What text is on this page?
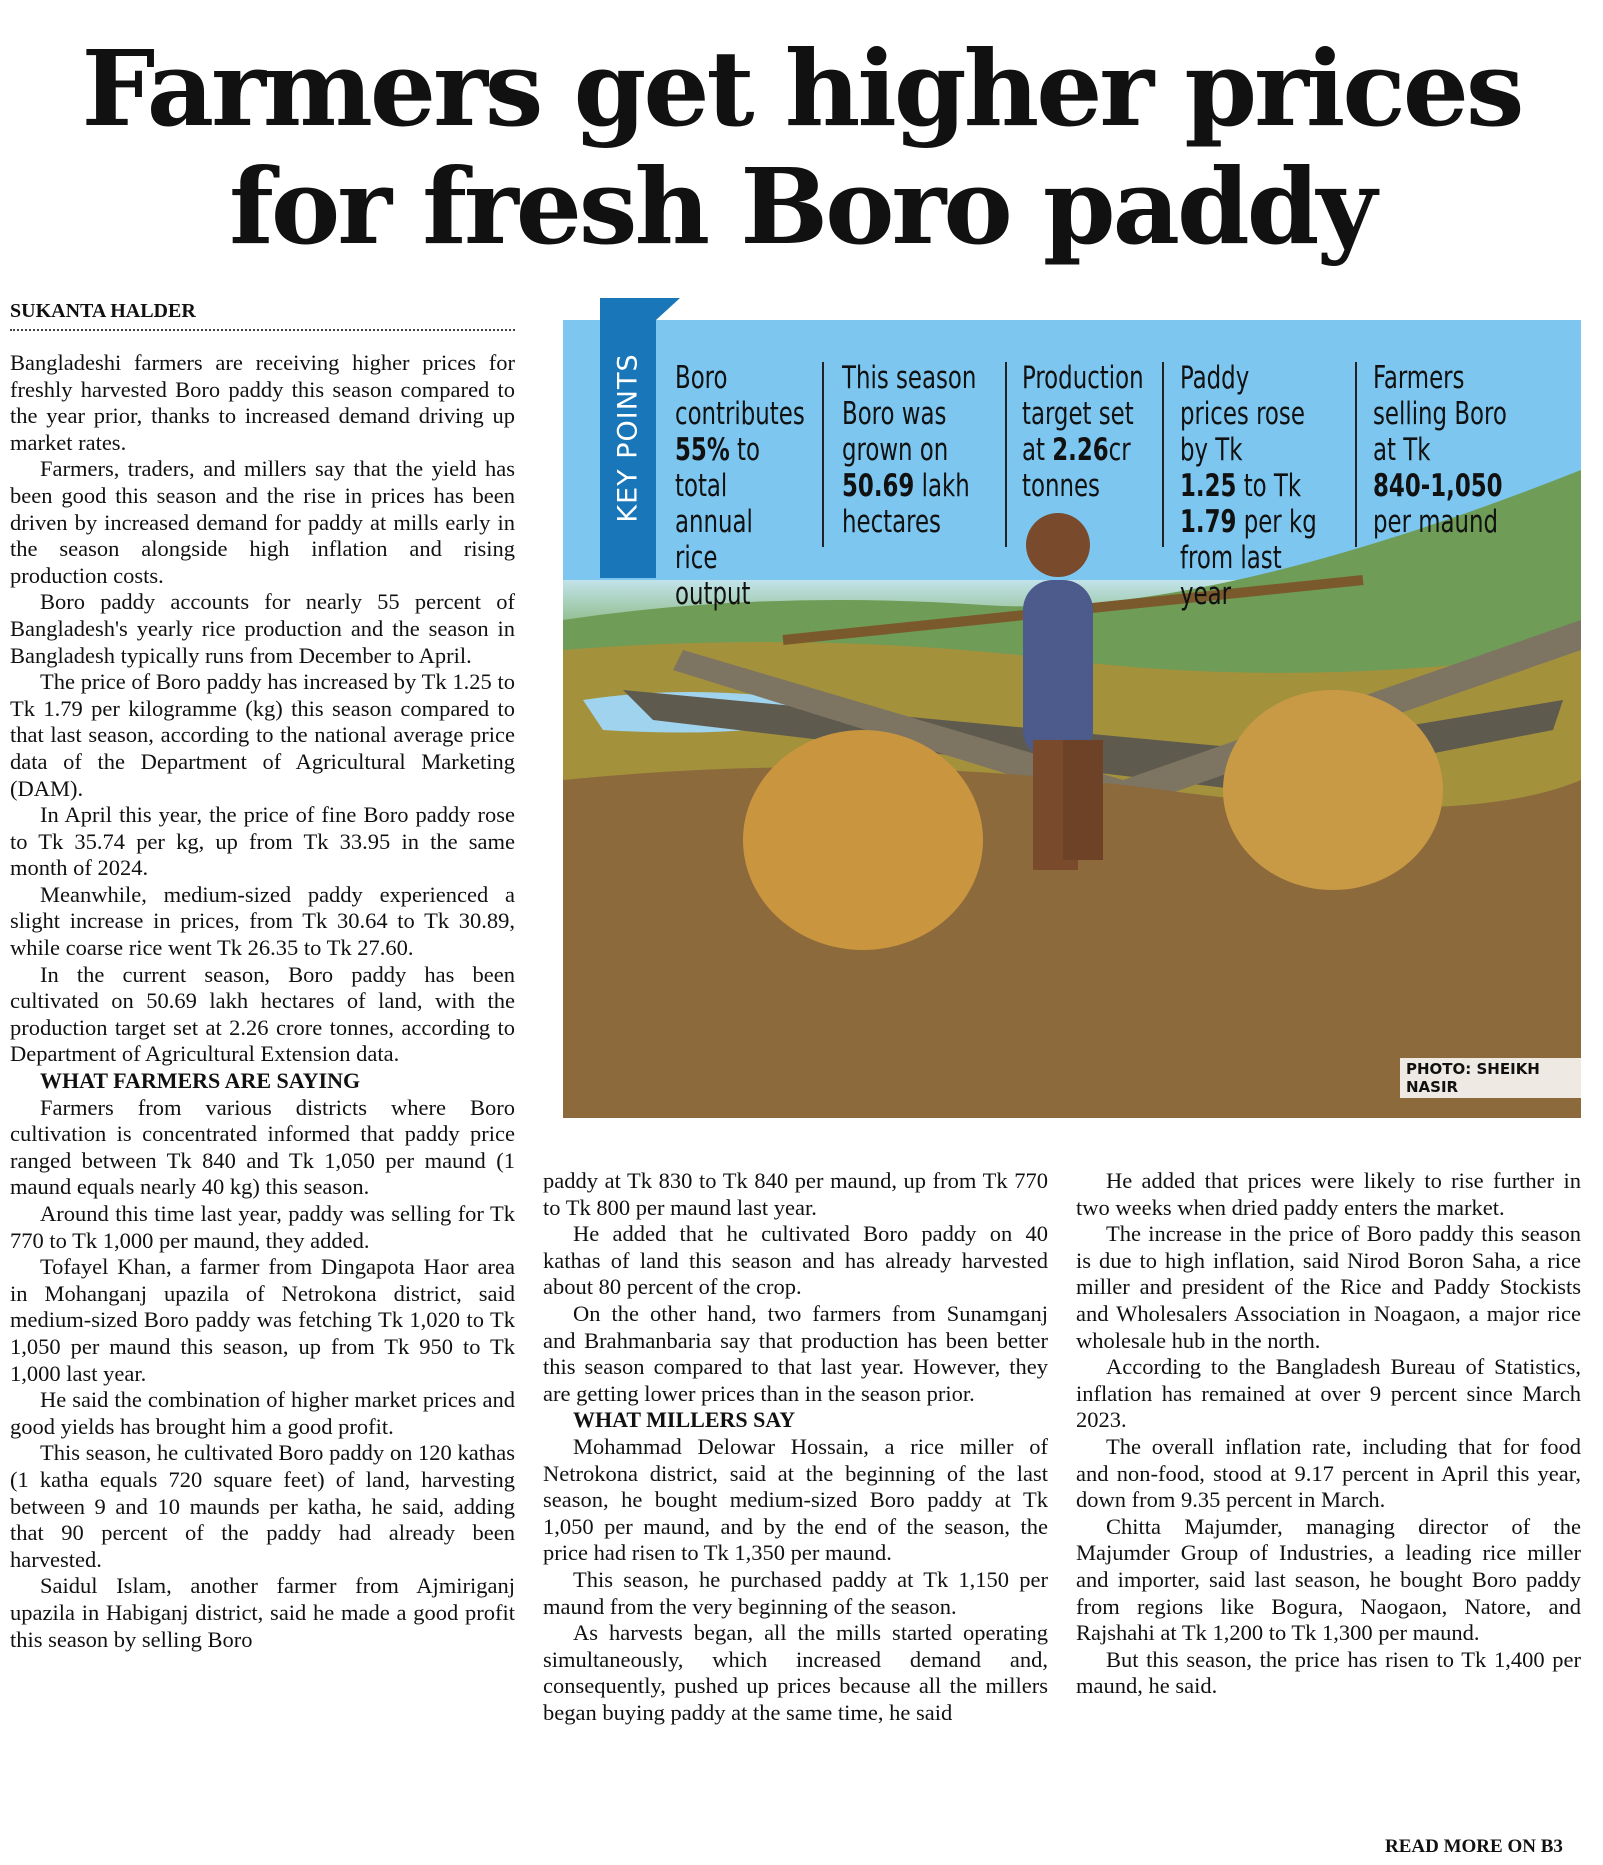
Farmers get higher prices
for fresh Boro paddy
SUKANTA HALDER

Bangladeshi farmers are receiving higher prices for freshly harvested Boro paddy this season compared to the year prior, thanks to increased demand driving up market rates.

Farmers, traders, and millers say that the yield has been good this season and the rise in prices has been driven by increased demand for paddy at mills early in the season alongside high inflation and rising production costs.

Boro paddy accounts for nearly 55 percent of Bangladesh's yearly rice production and the season in Bangladesh typically runs from December to April.

The price of Boro paddy has increased by Tk 1.25 to Tk 1.79 per kilogramme (kg) this season compared to that last season, according to the national average price data of the Department of Agricultural Marketing (DAM).

In April this year, the price of fine Boro paddy rose to Tk 35.74 per kg, up from Tk 33.95 in the same month of 2024.

Meanwhile, medium-sized paddy experienced a slight increase in prices, from Tk 30.64 to Tk 30.89, while coarse rice went Tk 26.35 to Tk 27.60.

In the current season, Boro paddy has been cultivated on 50.69 lakh hectares of land, with the production target set at 2.26 crore tonnes, according to Department of Agricultural Extension data.

WHAT FARMERS ARE SAYING

Farmers from various districts where Boro cultivation is concentrated informed that paddy price ranged between Tk 840 and Tk 1,050 per maund (1 maund equals nearly 40 kg) this season.

Around this time last year, paddy was selling for Tk 770 to Tk 1,000 per maund, they added.

Tofayel Khan, a farmer from Dingapota Haor area in Mohanganj upazila of Netrokona district, said medium-sized Boro paddy was fetching Tk 1,020 to Tk 1,050 per maund this season, up from Tk 950 to Tk 1,000 last year.

He said the combination of higher market prices and good yields has brought him a good profit.

This season, he cultivated Boro paddy on 120 kathas (1 katha equals 720 square feet) of land, harvesting between 9 and 10 maunds per katha, he said, adding that 90 percent of the paddy had already been harvested.

Saidul Islam, another farmer from Ajmiriganj upazila in Habiganj district, said he made a good profit this season by selling Boro

KEY POINTS Boro contributes
55% to total annual rice output
This season Boro was grown on
50.69 lakh hectares
Production target set at 2.26cr tonnes
Paddy prices rose by Tk
1.25 to Tk
1.79 per kg from last year
Farmers selling Boro at Tk
840-1,050 per maund
PHOTO: SHEIKH NASIR

paddy at Tk 830 to Tk 840 per maund, up from Tk 770 to Tk 800 per maund last year.

He added that he cultivated Boro paddy on 40 kathas of land this season and has already harvested about 80 percent of the crop.

On the other hand, two farmers from Sunamganj and Brahmanbaria say that production has been better this season compared to that last year. However, they are getting lower prices than in the season prior.

WHAT MILLERS SAY

Mohammad Delowar Hossain, a rice miller of Netrokona district, said at the beginning of the last season, he bought medium-sized Boro paddy at Tk 1,050 per maund, and by the end of the season, the price had risen to Tk 1,350 per maund.

This season, he purchased paddy at Tk 1,150 per maund from the very beginning of the season.

As harvests began, all the mills started operating simultaneously, which increased demand and, consequently, pushed up prices because all the millers began buying paddy at the same time, he said

He added that prices were likely to rise further in two weeks when dried paddy enters the market.

The increase in the price of Boro paddy this season is due to high inflation, said Nirod Boron Saha, a rice miller and president of the Rice and Paddy Stockists and Wholesalers Association in Noagaon, a major rice wholesale hub in the north.

According to the Bangladesh Bureau of Statistics, inflation has remained at over 9 percent since March 2023.

The overall inflation rate, including that for food and non-food, stood at 9.17 percent in April this year, down from 9.35 percent in March.

Chitta Majumder, managing director of the Majumder Group of Industries, a leading rice miller and importer, said last season, he bought Boro paddy from regions like Bogura, Naogaon, Natore, and Rajshahi at Tk 1,200 to Tk 1,300 per maund.

But this season, the price has risen to Tk 1,400 per maund, he said.

READ MORE ON B3
